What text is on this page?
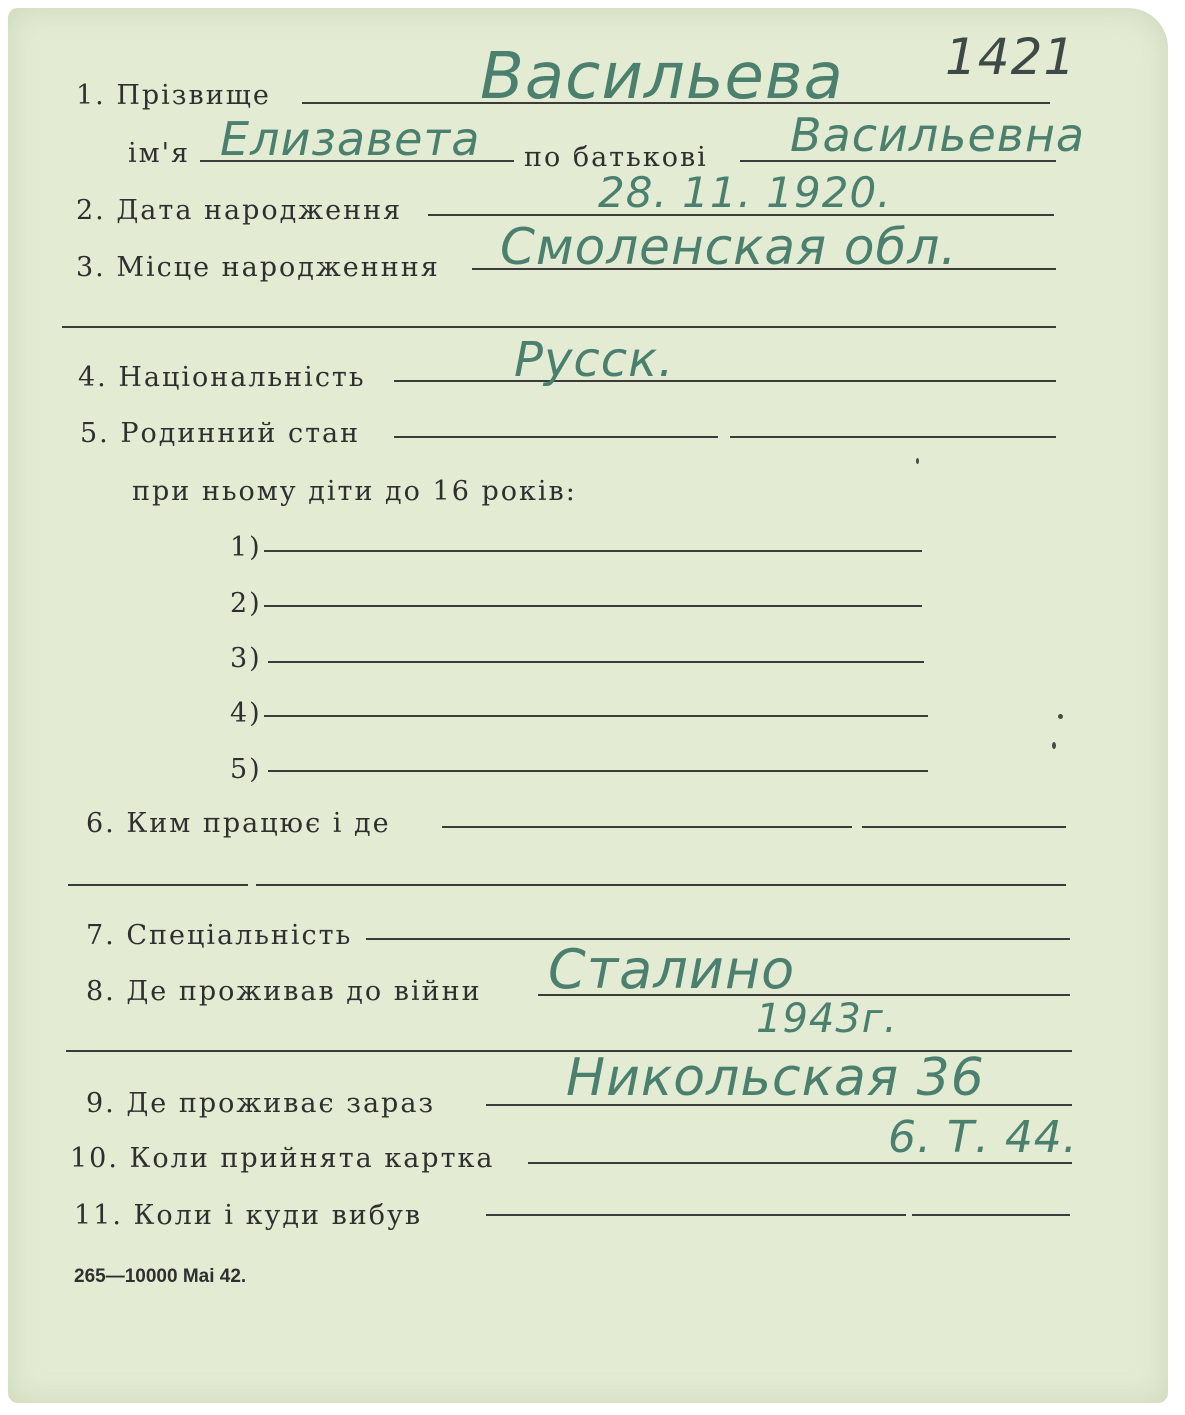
1. Прізвище	Васильева 1421
ім'я Елизавета по батькові Васильевна
2. Дата народження	28. 11. 1920.
3. Місце народженння Смоленская обл.
4. Національність	Русск.
5. Родинний стан
при ньому діти до 16 років:
1)
2)
3)
4)
5)
6. Ким працює і де
7. Спеціальність
8. Де проживав до війни Сталино
1943г.
9. Де проживає зараз	Никольская 36
10. Коли прийнята картка	6. Т. 44.
11. Коли і куди вибув
265—10000 Mai 42.
